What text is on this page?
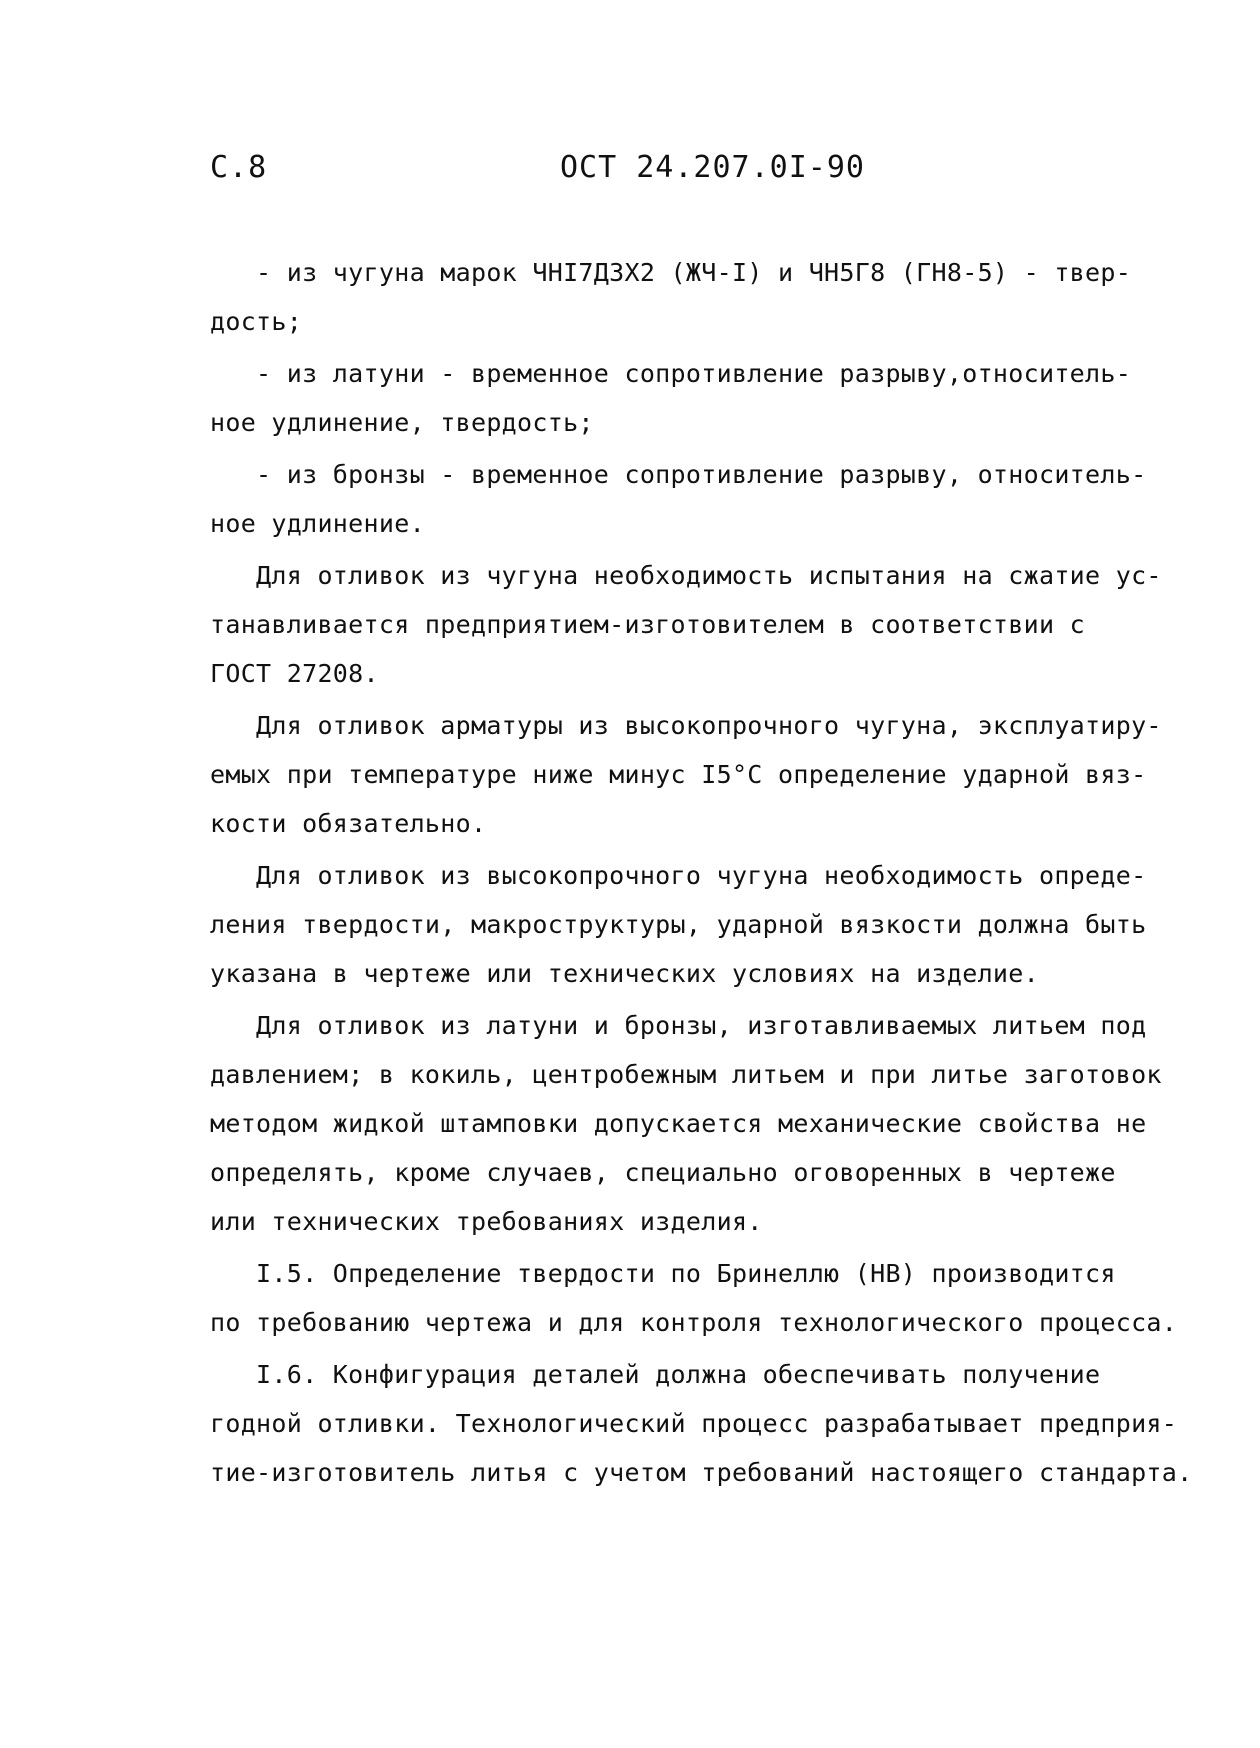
С.8	ОСТ 24.207.0I-90
- из чугуна марок ЧНI7Д3Х2 (ЖЧ-I) и ЧН5Г8 (ГН8-5) - твер-
дость;
- из латуни - временное сопротивление разрыву,относитель-
ное удлинение, твердость;
- из бронзы - временное сопротивление разрыву, относитель-
ное удлинение.
Для отливок из чугуна необходимость испытания на сжатие ус-
танавливается предприятием-изготовителем в соответствии с
ГОСТ 27208.
Для отливок арматуры из высокопрочного чугуна, эксплуатиру-
емых при температуре ниже минус I5°С определение ударной вяз-
кости обязательно.
Для отливок из высокопрочного чугуна необходимость опреде-
ления твердости, макроструктуры, ударной вязкости должна быть
указана в чертеже или технических условиях на изделие.
Для отливок из латуни и бронзы, изготавливаемых литьем под
давлением; в кокиль, центробежным литьем и при литье заготовок
методом жидкой штамповки допускается механические свойства не
определять, кроме случаев, специально оговоренных в чертеже
или технических требованиях изделия.
I.5. Определение твердости по Бринеллю (НВ) производится
по требованию чертежа и для контроля технологического процесса.
I.6. Конфигурация деталей должна обеспечивать получение
годной отливки. Технологический процесс разрабатывает предприя-
тие-изготовитель литья с учетом требований настоящего стандарта.
